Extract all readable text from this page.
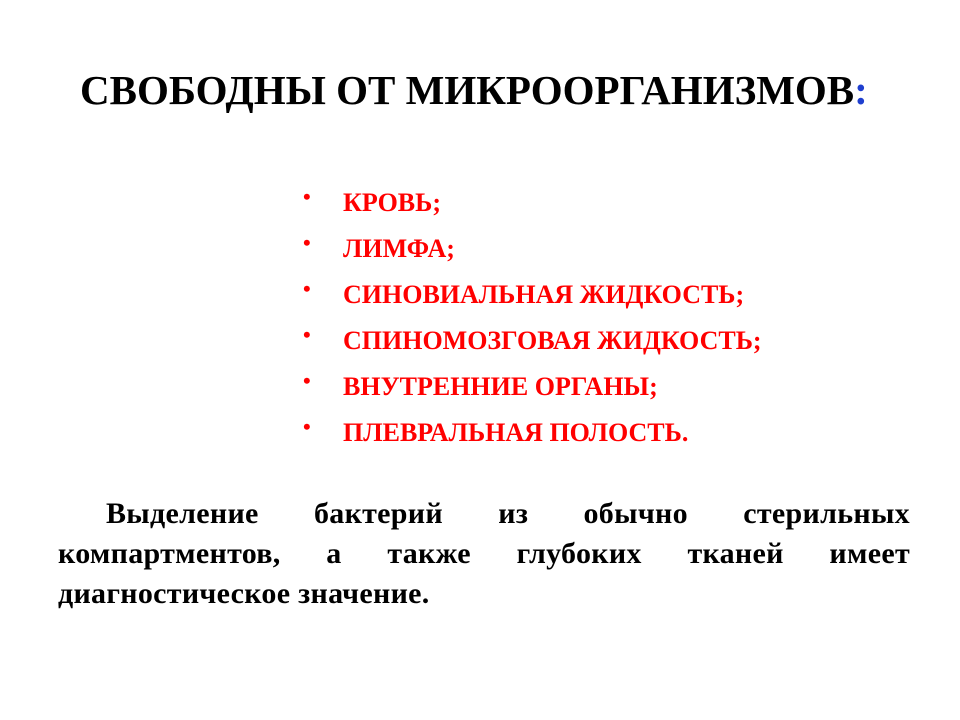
СВОБОДНЫ ОТ МИКРООРГАНИЗМОВ:
• КРОВЬ;
• ЛИМФА;
• СИНОВИАЛЬНАЯ ЖИДКОСТЬ;
• СПИНОМОЗГОВАЯ ЖИДКОСТЬ;
• ВНУТРЕННИЕ ОРГАНЫ;
• ПЛЕВРАЛЬНАЯ ПОЛОСТЬ.
Выделение бактерий из обычно стерильных компартментов, а также глубоких тканей имеет диагностическое значение.
